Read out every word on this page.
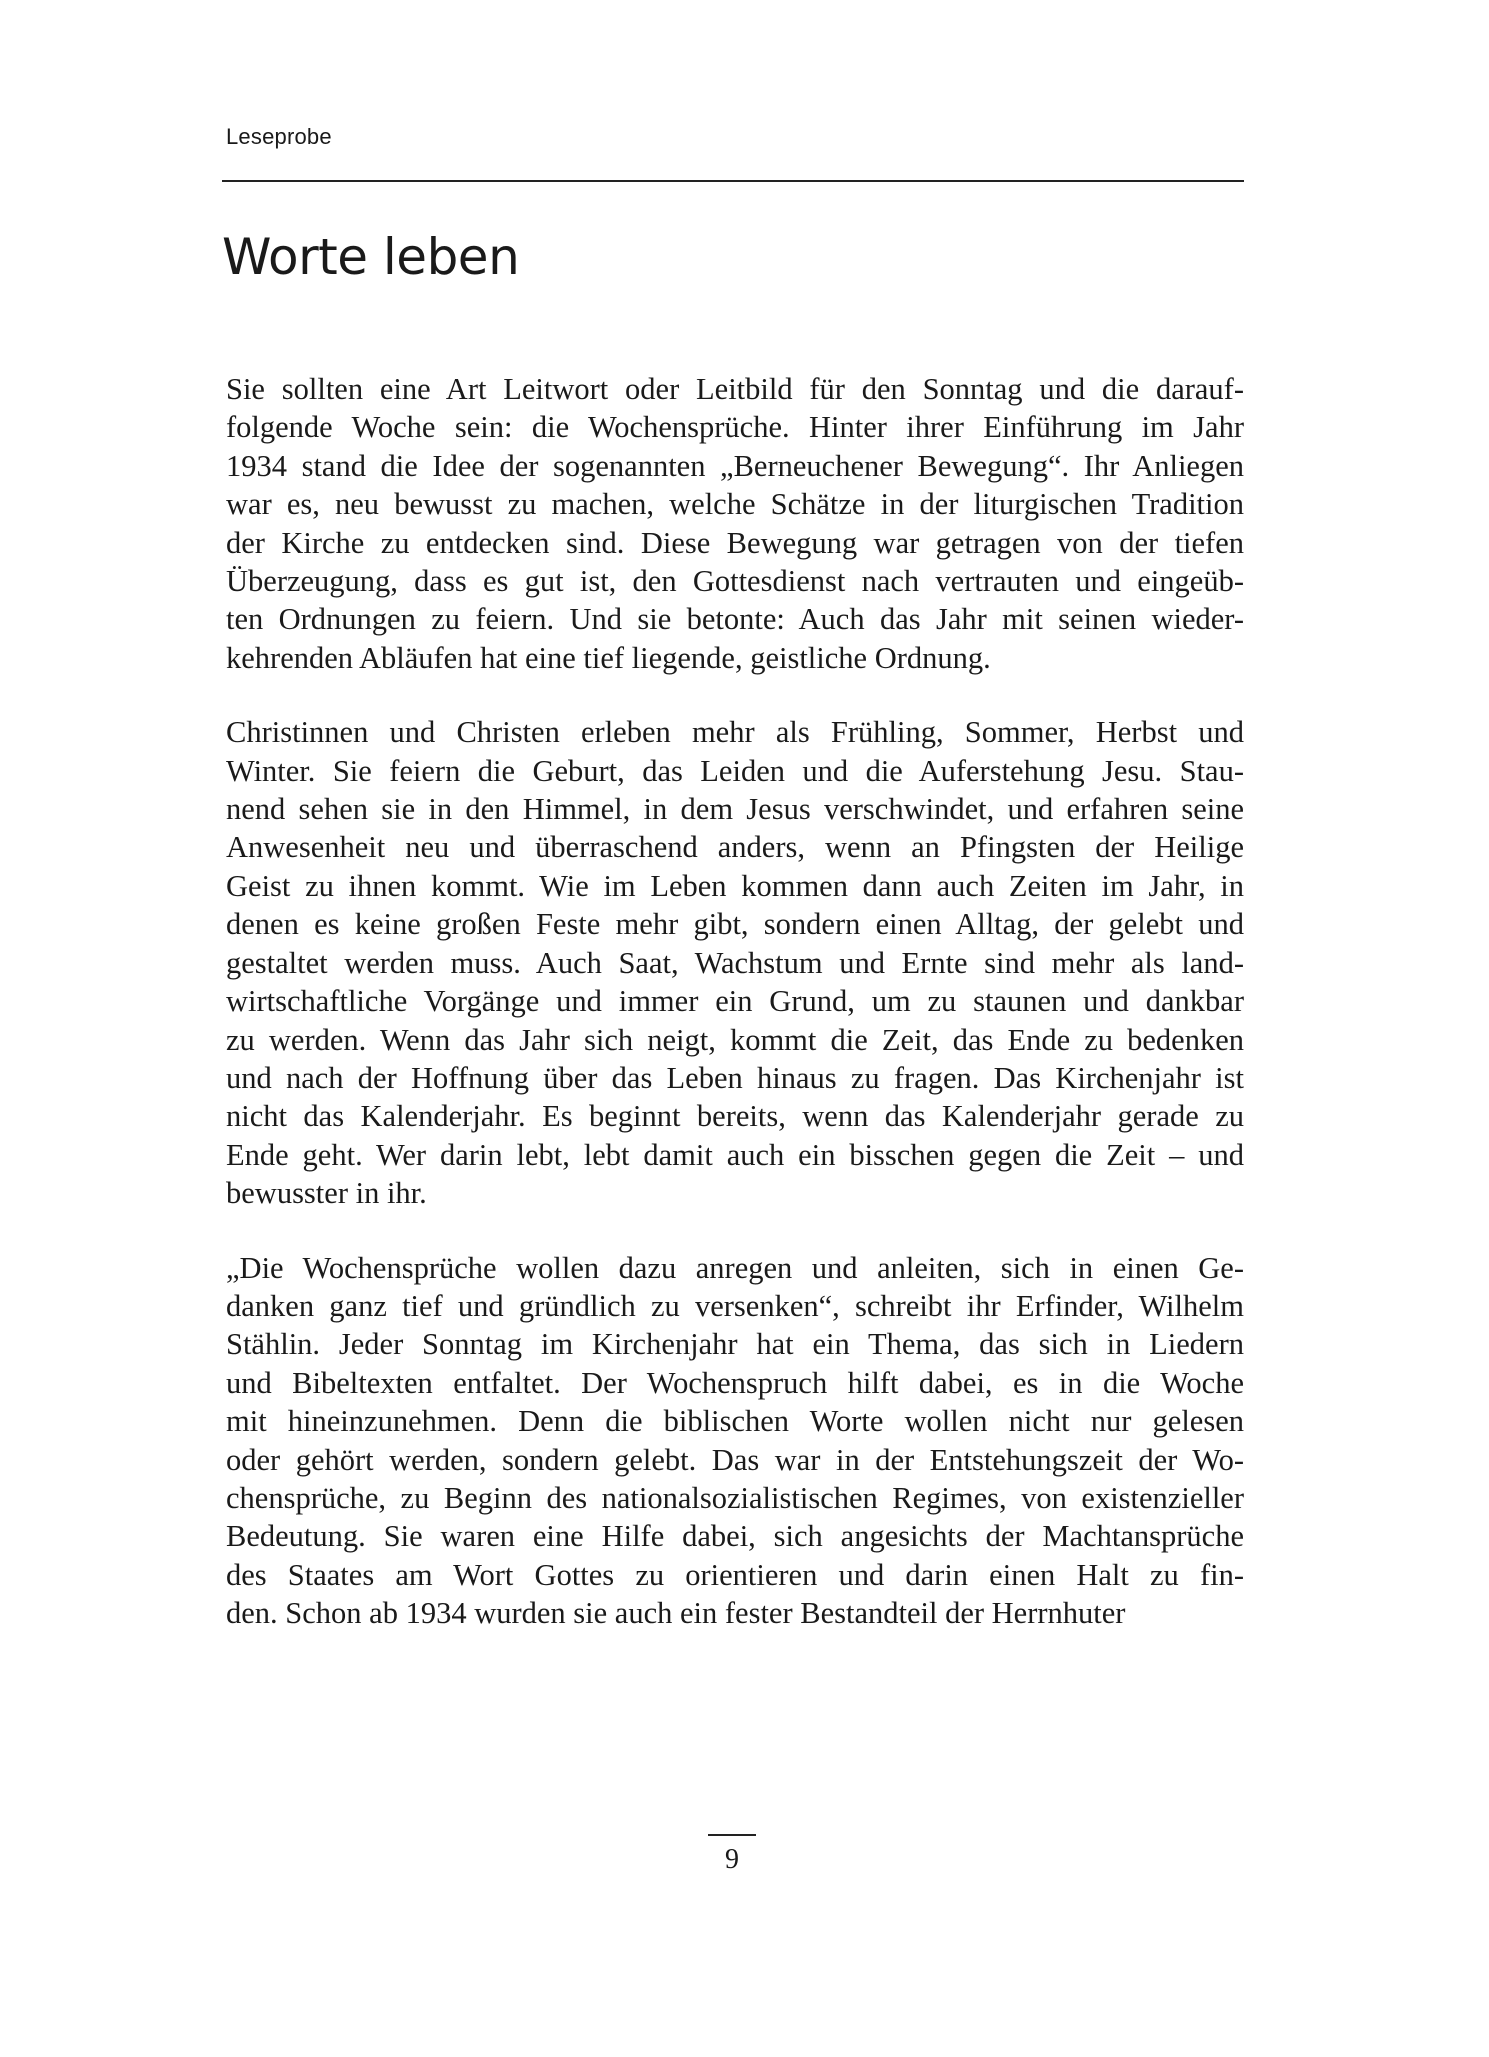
Leseprobe
Worte leben

Sie sollten eine Art Leitwort oder Leitbild für den Sonntag und die darauf-
folgende Woche sein: die Wochensprüche. Hinter ihrer Einführung im Jahr
1934 stand die Idee der sogenannten „Berneuchener Bewegung“. Ihr Anliegen
war es, neu bewusst zu machen, welche Schätze in der liturgischen Tradition
der Kirche zu entdecken sind. Diese Bewegung war getragen von der tiefen
Überzeugung, dass es gut ist, den Gottesdienst nach vertrauten und eingeüb-
ten Ordnungen zu feiern. Und sie betonte: Auch das Jahr mit seinen wieder-
kehrenden Abläufen hat eine tief liegende, geistliche Ordnung.

Christinnen und Christen erleben mehr als Frühling, Sommer, Herbst und
Winter. Sie feiern die Geburt, das Leiden und die Auferstehung Jesu. Stau-
nend sehen sie in den Himmel, in dem Jesus verschwindet, und erfahren seine
Anwesenheit neu und überraschend anders, wenn an Pfingsten der Heilige
Geist zu ihnen kommt. Wie im Leben kommen dann auch Zeiten im Jahr, in
denen es keine großen Feste mehr gibt, sondern einen Alltag, der gelebt und
gestaltet werden muss. Auch Saat, Wachstum und Ernte sind mehr als land-
wirtschaftliche Vorgänge und immer ein Grund, um zu staunen und dankbar
zu werden. Wenn das Jahr sich neigt, kommt die Zeit, das Ende zu bedenken
und nach der Hoffnung über das Leben hinaus zu fragen. Das Kirchenjahr ist
nicht das Kalenderjahr. Es beginnt bereits, wenn das Kalenderjahr gerade zu
Ende geht. Wer darin lebt, lebt damit auch ein bisschen gegen die Zeit – und
bewusster in ihr.

„Die Wochensprüche wollen dazu anregen und anleiten, sich in einen Ge-
danken ganz tief und gründlich zu versenken“, schreibt ihr Erfinder, Wilhelm
Stählin. Jeder Sonntag im Kirchenjahr hat ein Thema, das sich in Liedern
und Bibeltexten entfaltet. Der Wochenspruch hilft dabei, es in die Woche
mit hineinzunehmen. Denn die biblischen Worte wollen nicht nur gelesen
oder gehört werden, sondern gelebt. Das war in der Entstehungszeit der Wo-
chensprüche, zu Beginn des nationalsozialistischen Regimes, von existenzieller
Bedeutung. Sie waren eine Hilfe dabei, sich angesichts der Machtansprüche
des Staates am Wort Gottes zu orientieren und darin einen Halt zu fin-
den. Schon ab 1934 wurden sie auch ein fester Bestandteil der Herrnhuter

9
